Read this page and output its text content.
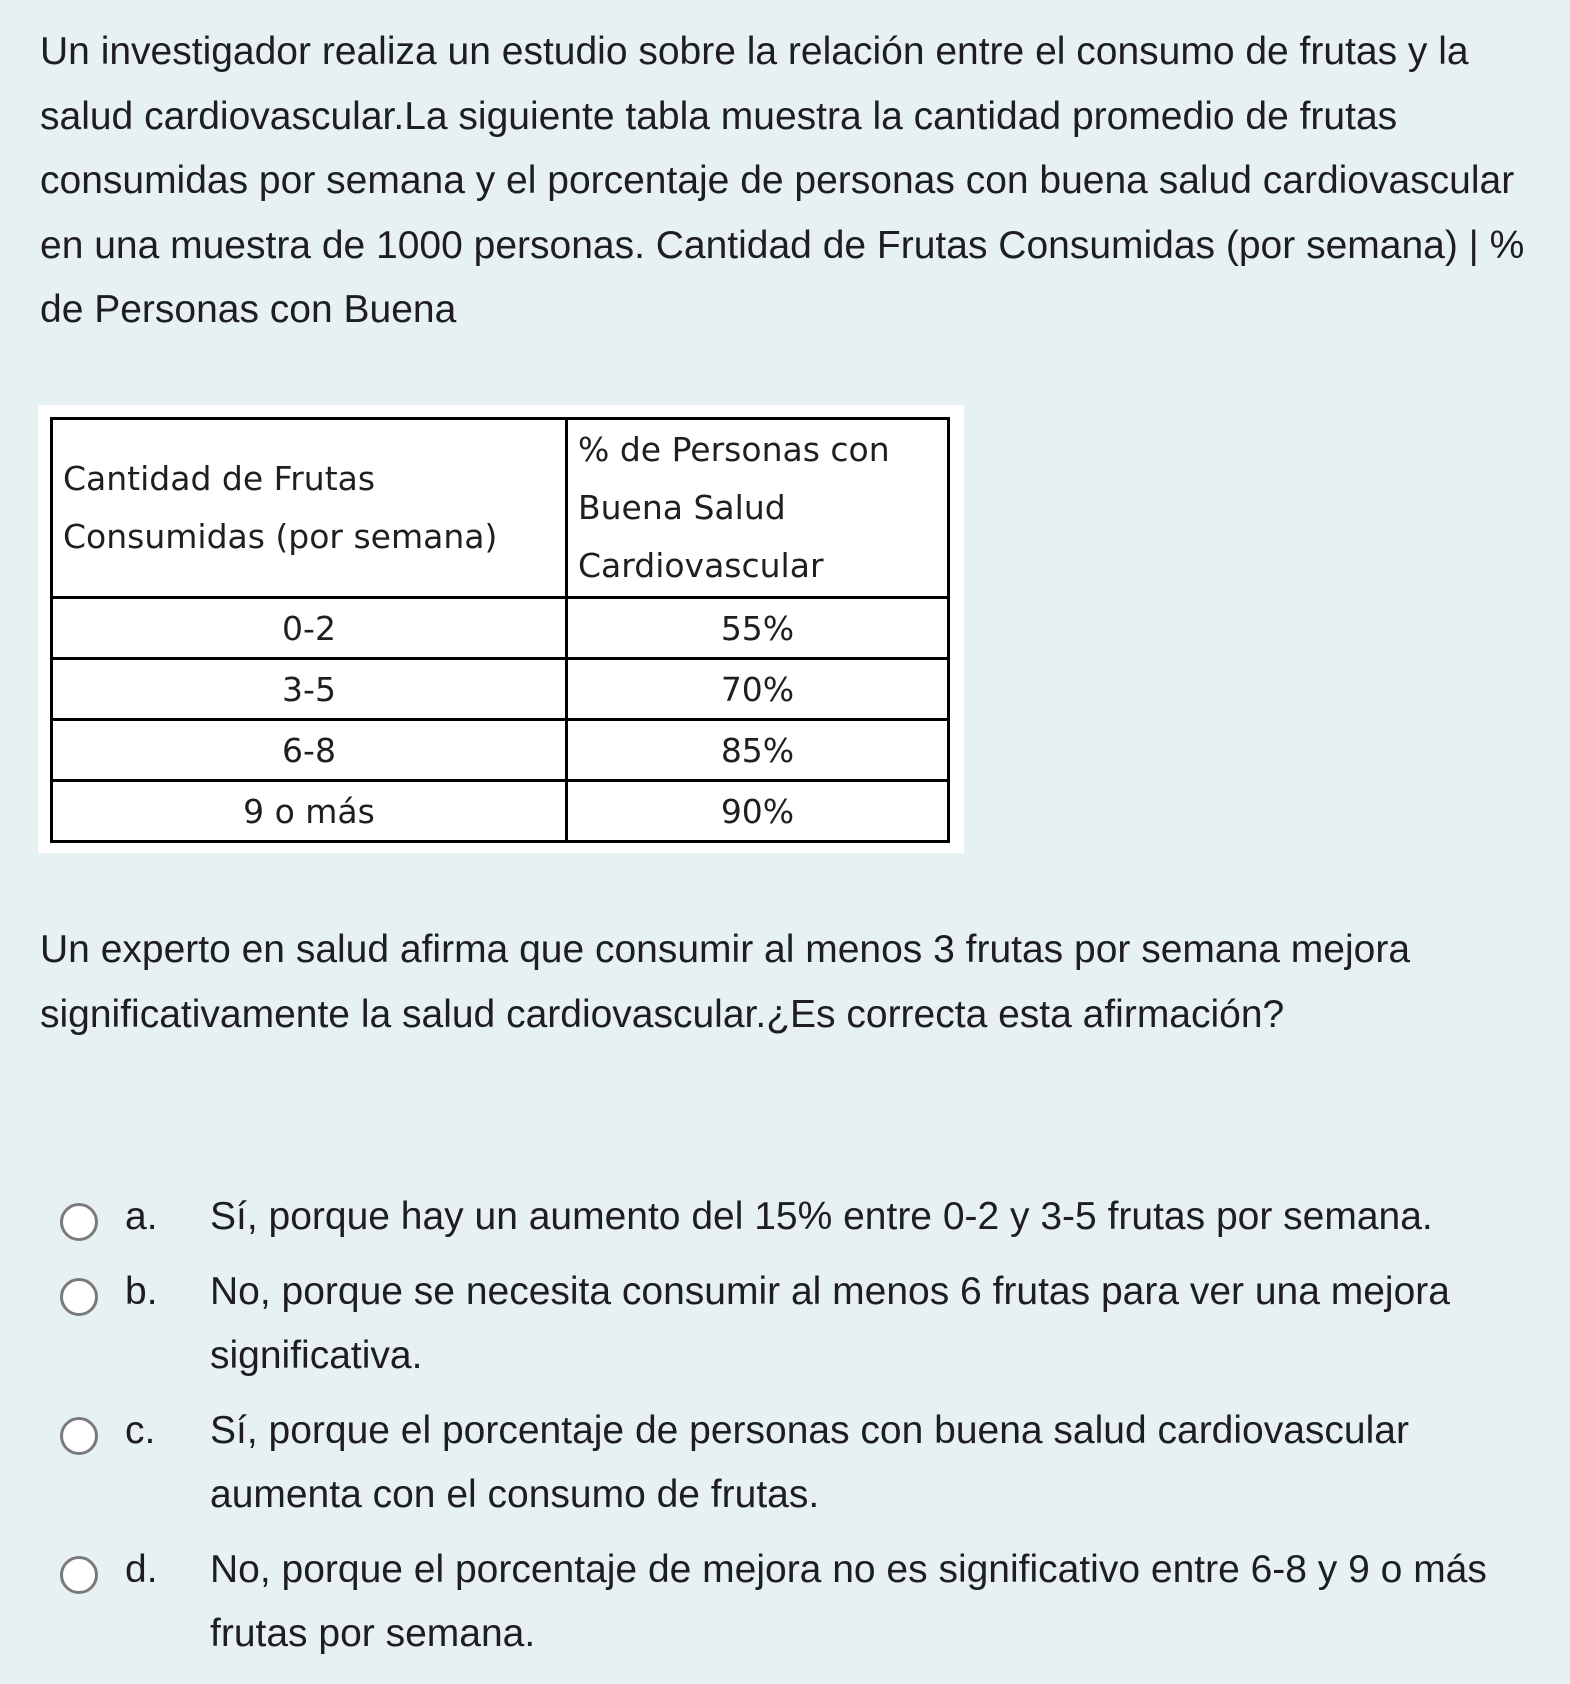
Un investigador realiza un estudio sobre la relación entre el consumo de frutas y la salud cardiovascular.La siguiente tabla muestra la cantidad promedio de frutas consumidas por semana y el porcentaje de personas con buena salud cardiovascular en una muestra de 1000 personas. Cantidad de Frutas Consumidas (por semana) | % de Personas con Buena

Cantidad de Frutas Consumidas (por semana)	% de Personas con Buena Salud Cardiovascular
0-2	55%
3-5	70%
6-8	85%
9 o más	90%

Un experto en salud afirma que consumir al menos 3 frutas por semana mejora significativamente la salud cardiovascular.¿Es correcta esta afirmación?

a.	Sí, porque hay un aumento del 15% entre 0-2 y 3-5 frutas por semana.
b.	No, porque se necesita consumir al menos 6 frutas para ver una mejora significativa.
c.	Sí, porque el porcentaje de personas con buena salud cardiovascular aumenta con el consumo de frutas.
d.	No, porque el porcentaje de mejora no es significativo entre 6-8 y 9 o más frutas por semana.
